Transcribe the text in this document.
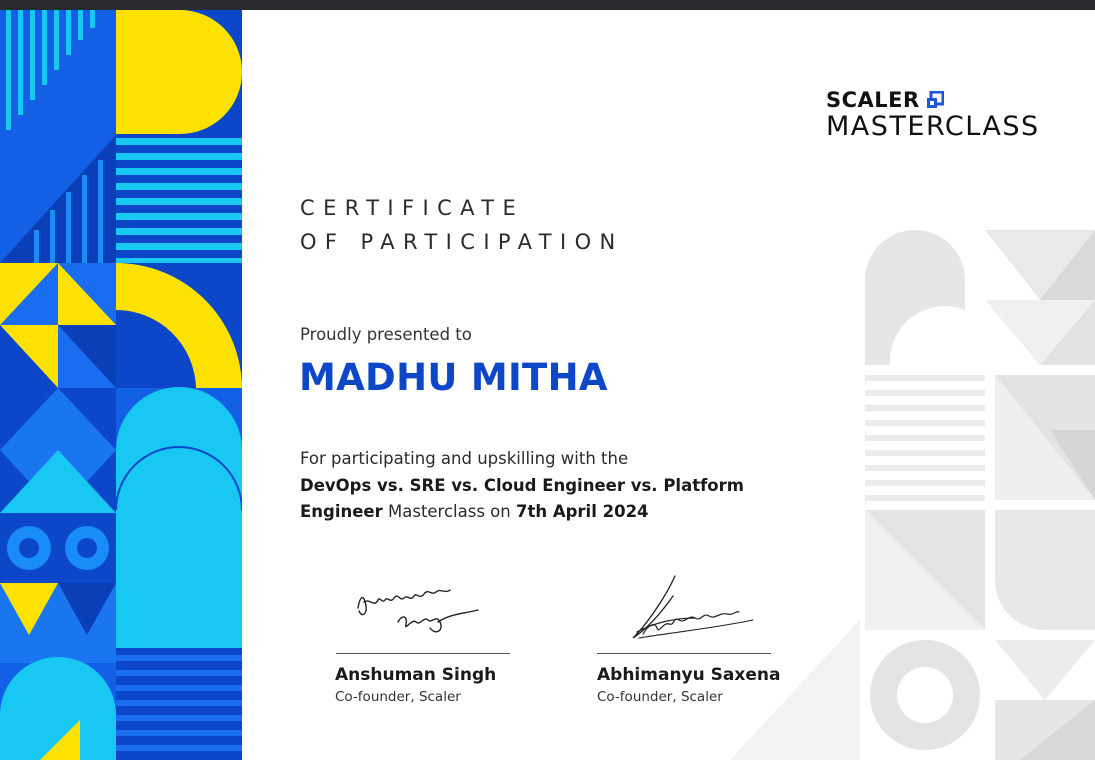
SCALER
MASTERCLASS
CERTIFICATE
OF PARTICIPATION
Proudly presented to
MADHU MITHA
For participating and upskilling with the
DevOps vs. SRE vs. Cloud Engineer vs. Platform
Engineer Masterclass on 7th April 2024
Anshuman Singh
Co-founder, Scaler
Abhimanyu Saxena
Co-founder, Scaler
